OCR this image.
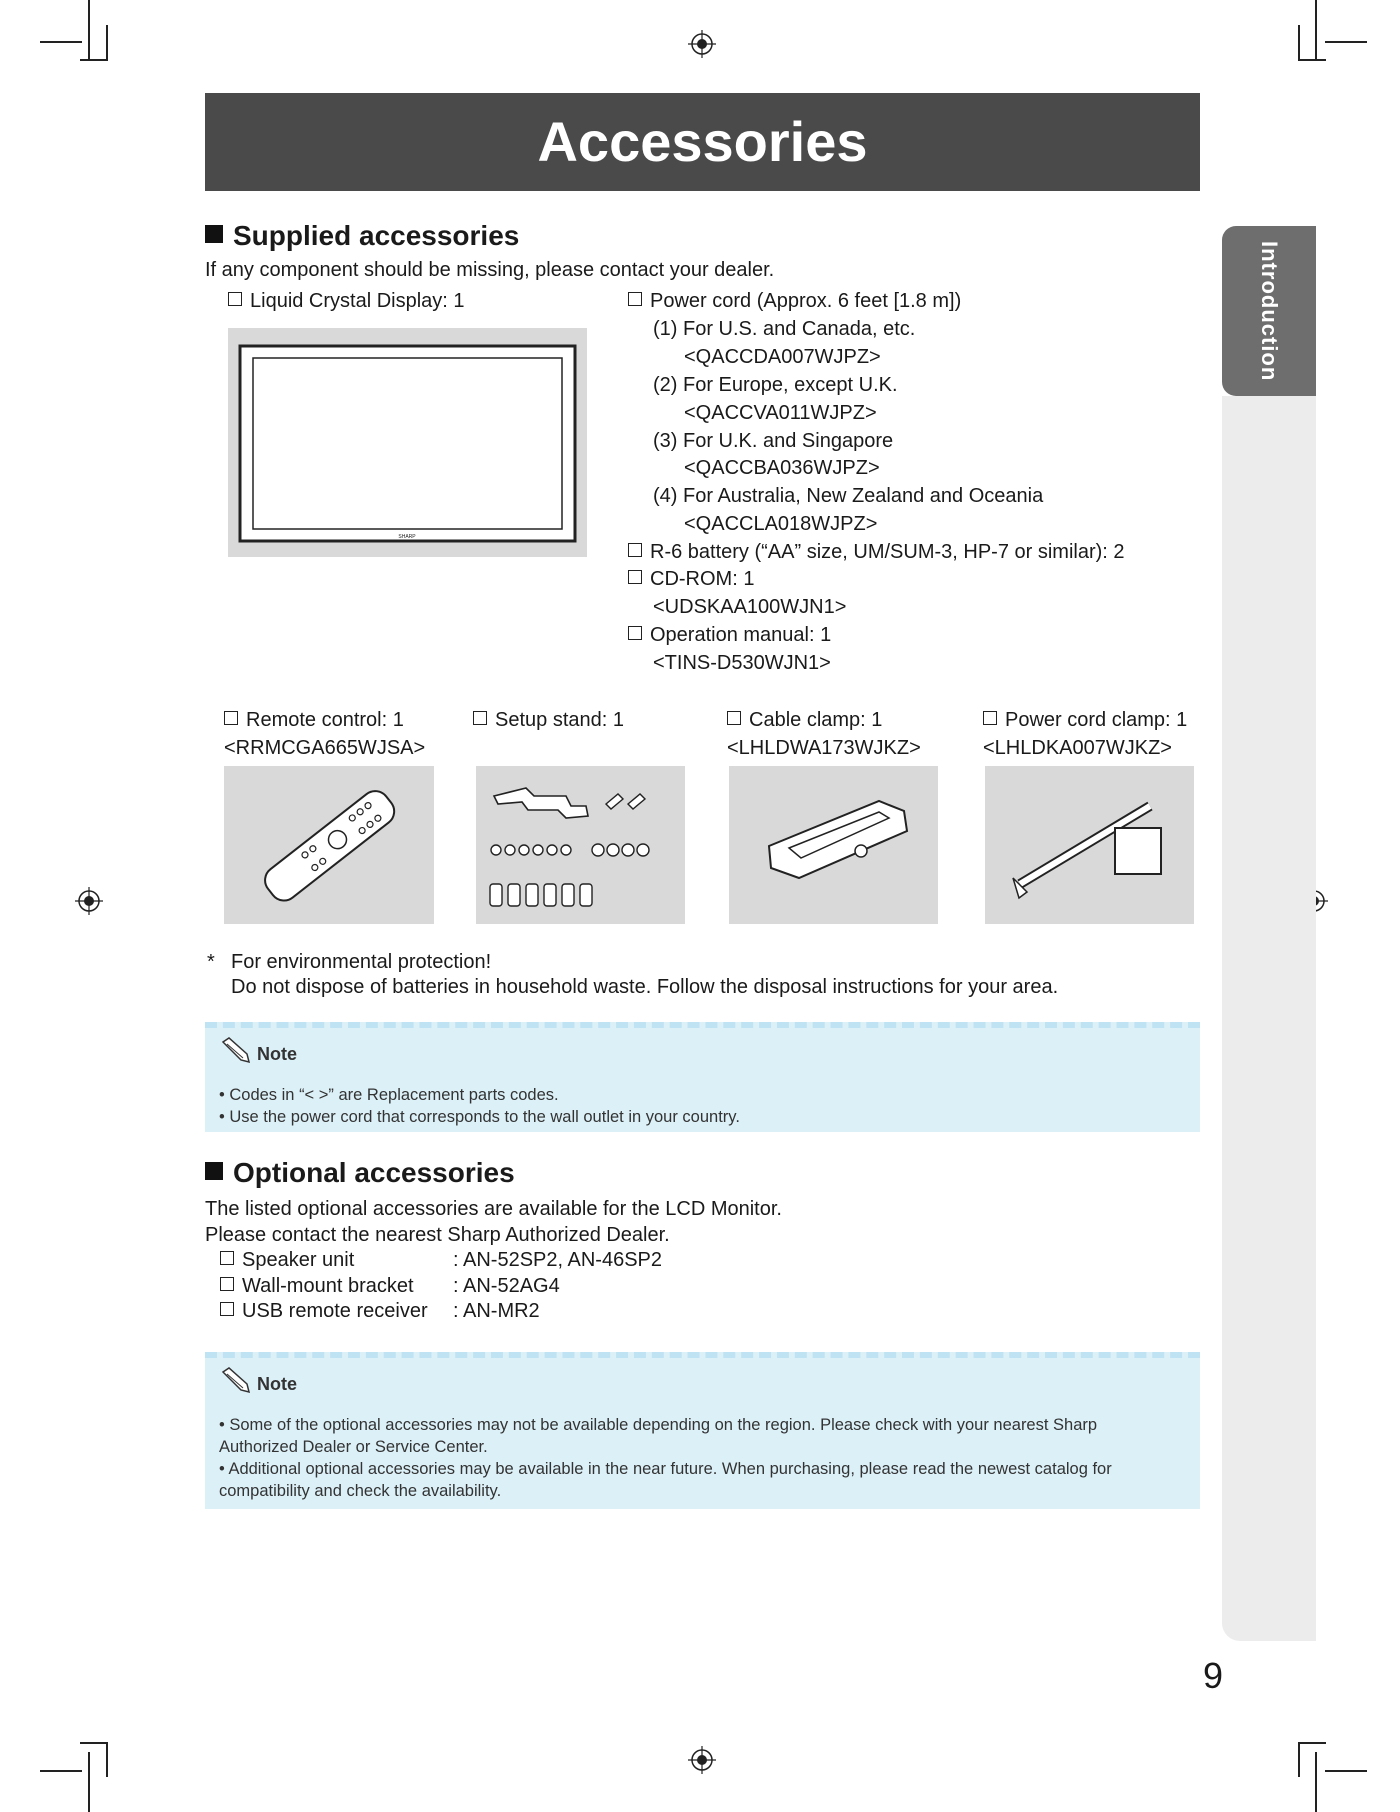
Accessories
Introduction
Supplied accessories
If any component should be missing, please contact your dealer.
Liquid Crystal Display: 1
SHARP
Power cord (Approx. 6 feet [1.8 m])
(1) For U.S. and Canada, etc.
<QACCDA007WJPZ>
(2) For Europe, except U.K.
<QACCVA011WJPZ>
(3) For U.K. and Singapore
<QACCBA036WJPZ>
(4) For Australia, New Zealand and Oceania
<QACCLA018WJPZ>
R-6 battery (“AA” size, UM/SUM-3, HP-7 or similar): 2
CD-ROM: 1
<UDSKAA100WJN1>
Operation manual: 1
<TINS-D530WJN1>
Remote control: 1
<RRMCGA665WJSA>
Setup stand: 1	Cable clamp: 1
<LHLDWA173WJKZ>
Power cord clamp: 1
<LHLDKA007WJKZ>
* For environmental protection!
Do not dispose of batteries in household waste. Follow the disposal instructions for your area.
Note
• Codes in “< >” are Replacement parts codes.
• Use the power cord that corresponds to the wall outlet in your country.
Optional accessories
The listed optional accessories are available for the LCD Monitor.
Please contact the nearest Sharp Authorized Dealer.
Speaker unit	: AN-52SP2, AN-46SP2
Wall-mount bracket : AN-52AG4
USB remote receiver : AN-MR2
Note
• Some of the optional accessories may not be available depending on the region. Please check with your nearest Sharp Authorized Dealer or Service Center.
• Additional optional accessories may be available in the near future. When purchasing, please read the newest catalog for compatibility and check the availability.
9
